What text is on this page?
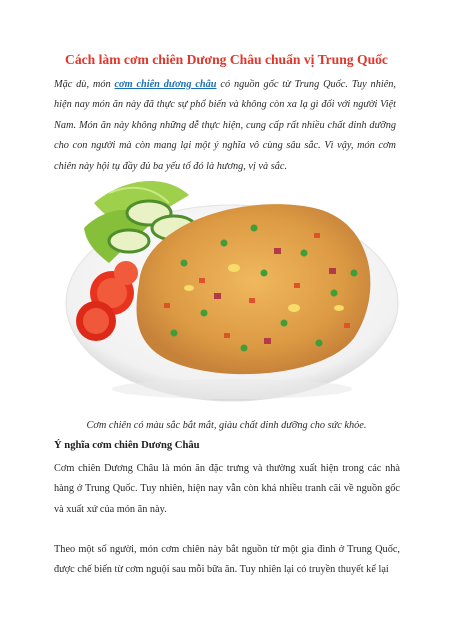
Cách làm cơm chiên Dương Châu chuẩn vị Trung Quốc

Mặc dù, món cơm chiên dương châu có nguồn gốc từ Trung Quốc. Tuy nhiên, hiện nay món ăn này đã thực sự phổ biến và không còn xa lạ gì đối với người Việt Nam. Món ăn này không những dễ thực hiện, cung cấp rất nhiều chất dinh dưỡng cho con người mà còn mang lại một ý nghĩa vô cùng sâu sắc. Vì vậy, món cơm chiên này hội tụ đầy đủ ba yếu tố đó là hương, vị và sắc.

Cơm chiên có màu sắc bắt mắt, giàu chất dinh dưỡng cho sức khỏe.

Ý nghĩa cơm chiên Dương Châu

Cơm chiên Dương Châu là món ăn đặc trưng và thường xuất hiện trong các nhà hàng ở Trung Quốc. Tuy nhiên, hiện nay vẫn còn khá nhiều tranh cãi về nguồn gốc và xuất xứ của món ăn này.

Theo một số người, món cơm chiên này bắt nguồn từ một gia đình ở Trung Quốc, được chế biến từ cơm nguội sau mỗi bữa ăn. Tuy nhiên lại có truyền thuyết kể lại
